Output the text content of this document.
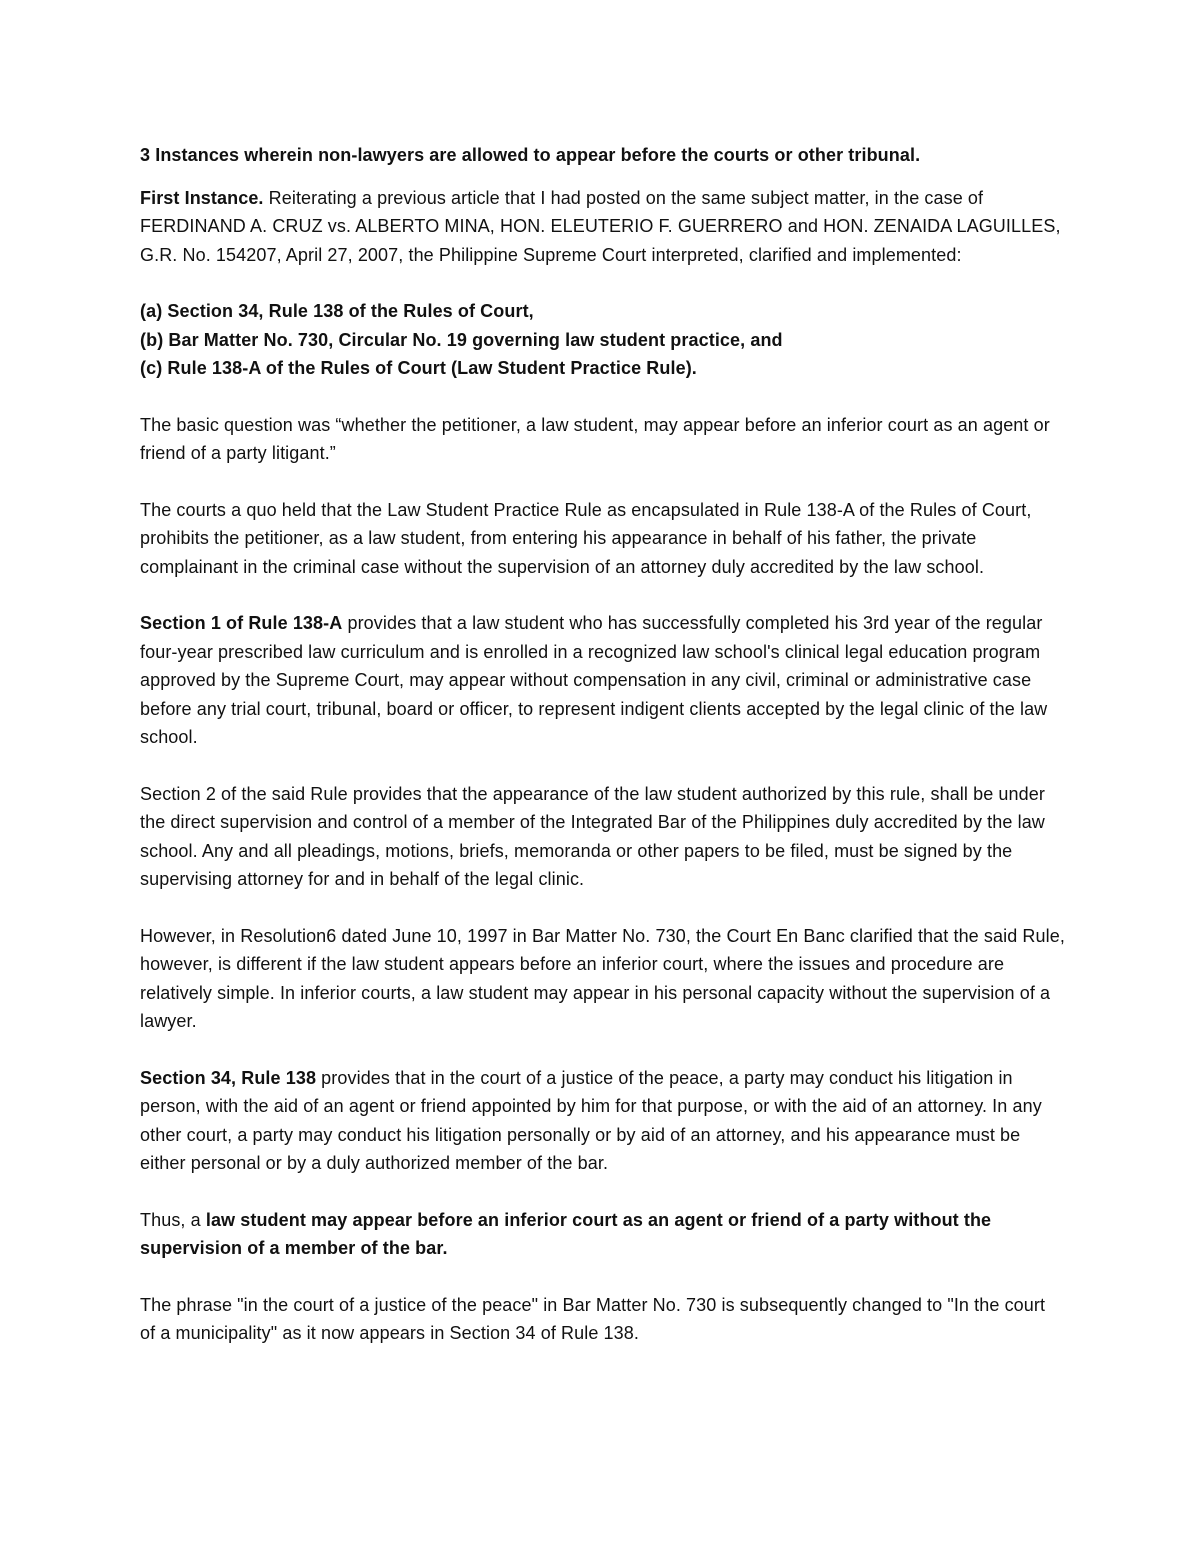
3 Instances wherein non-lawyers are allowed to appear before the courts or other tribunal.

First Instance. Reiterating a previous article that I had posted on the same subject matter, in the case of FERDINAND A. CRUZ vs. ALBERTO MINA, HON. ELEUTERIO F. GUERRERO and HON. ZENAIDA LAGUILLES, G.R. No. 154207, April 27, 2007, the Philippine Supreme Court interpreted, clarified and implemented:

(a) Section 34, Rule 138 of the Rules of Court,
(b) Bar Matter No. 730, Circular No. 19 governing law student practice, and
(c) Rule 138-A of the Rules of Court (Law Student Practice Rule).

The basic question was “whether the petitioner, a law student, may appear before an inferior court as an agent or friend of a party litigant.”

The courts a quo held that the Law Student Practice Rule as encapsulated in Rule 138-A of the Rules of Court, prohibits the petitioner, as a law student, from entering his appearance in behalf of his father, the private complainant in the criminal case without the supervision of an attorney duly accredited by the law school.

Section 1 of Rule 138-A provides that a law student who has successfully completed his 3rd year of the regular four-year prescribed law curriculum and is enrolled in a recognized law school's clinical legal education program approved by the Supreme Court, may appear without compensation in any civil, criminal or administrative case before any trial court, tribunal, board or officer, to represent indigent clients accepted by the legal clinic of the law school.

Section 2 of the said Rule provides that the appearance of the law student authorized by this rule, shall be under the direct supervision and control of a member of the Integrated Bar of the Philippines duly accredited by the law school. Any and all pleadings, motions, briefs, memoranda or other papers to be filed, must be signed by the supervising attorney for and in behalf of the legal clinic.

However, in Resolution6 dated June 10, 1997 in Bar Matter No. 730, the Court En Banc clarified that the said Rule, however, is different if the law student appears before an inferior court, where the issues and procedure are relatively simple. In inferior courts, a law student may appear in his personal capacity without the supervision of a lawyer.

Section 34, Rule 138 provides that in the court of a justice of the peace, a party may conduct his litigation in person, with the aid of an agent or friend appointed by him for that purpose, or with the aid of an attorney. In any other court, a party may conduct his litigation personally or by aid of an attorney, and his appearance must be either personal or by a duly authorized member of the bar.

Thus, a law student may appear before an inferior court as an agent or friend of a party without the supervision of a member of the bar.

The phrase "in the court of a justice of the peace" in Bar Matter No. 730 is subsequently changed to "In the court of a municipality" as it now appears in Section 34 of Rule 138.
